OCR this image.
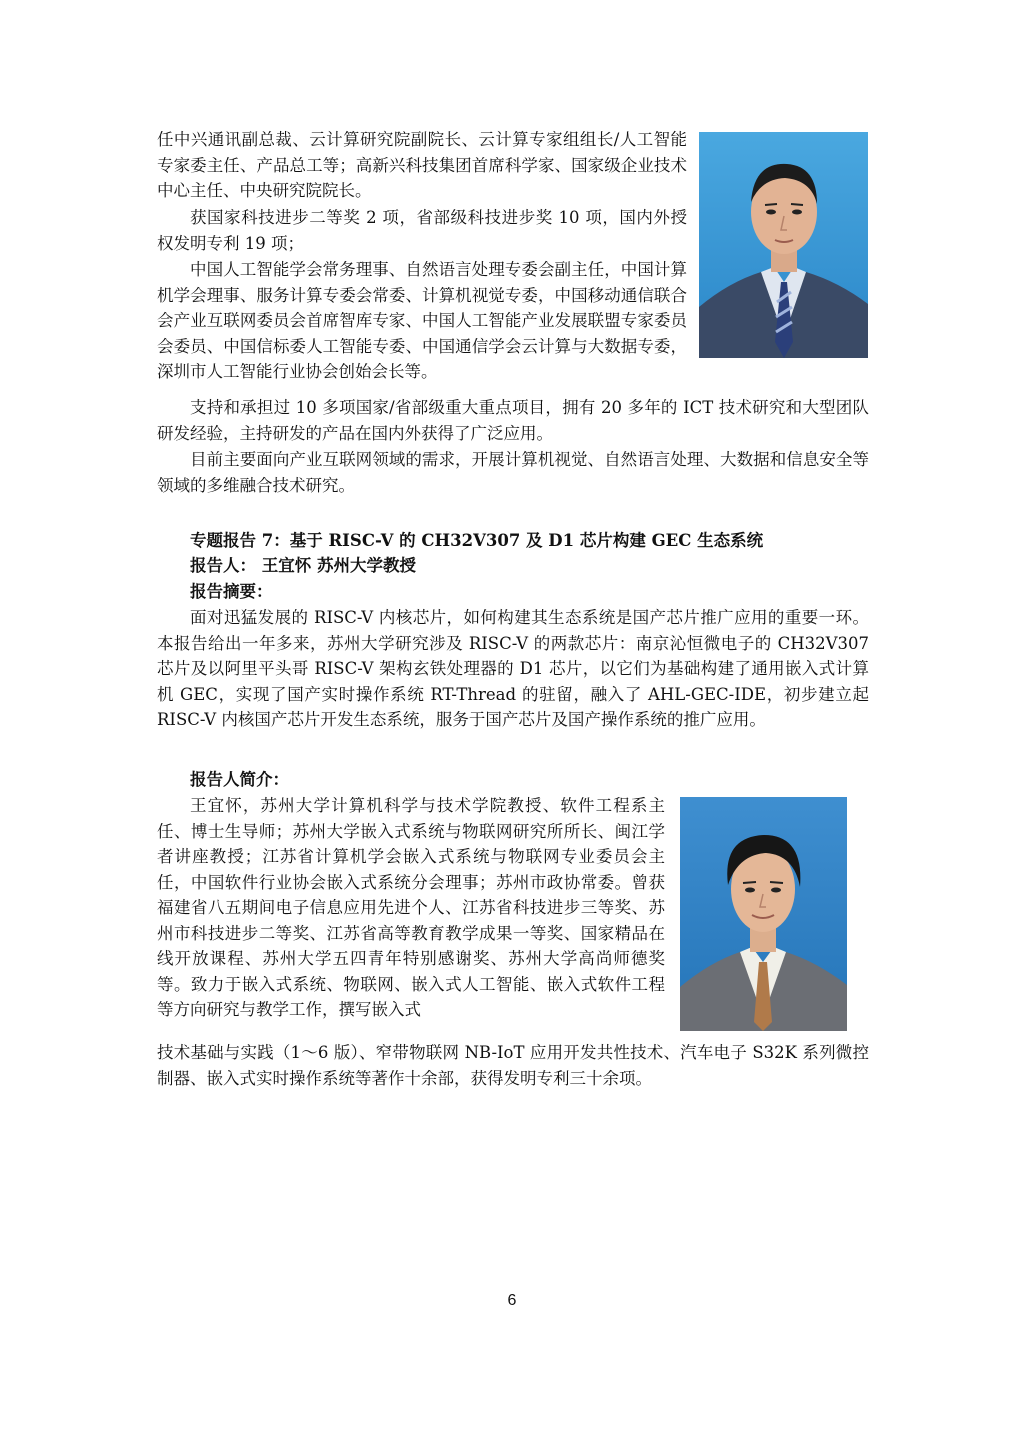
任中兴通讯副总裁、云计算研究院副院长、云计算专家组组长/人工智能专家委主任、产品总工等；高新兴科技集团首席科学家、国家级企业技术中心主任、中央研究院院长。

获国家科技进步二等奖 2 项，省部级科技进步奖 10 项，国内外授权发明专利 19 项；

中国人工智能学会常务理事、自然语言处理专委会副主任，中国计算机学会理事、服务计算专委会常委、计算机视觉专委，中国移动通信联合会产业互联网委员会首席智库专家、中国人工智能产业发展联盟专家委员会委员、中国信标委人工智能专委、中国通信学会云计算与大数据专委，深圳市人工智能行业协会创始会长等。

支持和承担过 10 多项国家/省部级重大重点项目，拥有 20 多年的 ICT 技术研究和大型团队研发经验，主持研发的产品在国内外获得了广泛应用。

目前主要面向产业互联网领域的需求，开展计算机视觉、自然语言处理、大数据和信息安全等领域的多维融合技术研究。

专题报告 7：基于 RISC-V 的 CH32V307 及 D1 芯片构建 GEC 生态系统

报告人： 王宜怀 苏州大学教授

报告摘要：

面对迅猛发展的 RISC-V 内核芯片，如何构建其生态系统是国产芯片推广应用的重要一环。本报告给出一年多来，苏州大学研究涉及 RISC-V 的两款芯片：南京沁恒微电子的 CH32V307 芯片及以阿里平头哥 RISC-V 架构玄铁处理器的 D1 芯片，以它们为基础构建了通用嵌入式计算机 GEC，实现了国产实时操作系统 RT-Thread 的驻留，融入了 AHL-GEC-IDE，初步建立起 RISC-V 内核国产芯片开发生态系统，服务于国产芯片及国产操作系统的推广应用。

报告人简介：

王宜怀，苏州大学计算机科学与技术学院教授、软件工程系主任、博士生导师；苏州大学嵌入式系统与物联网研究所所长、闽江学者讲座教授；江苏省计算机学会嵌入式系统与物联网专业委员会主任，中国软件行业协会嵌入式系统分会理事；苏州市政协常委。曾获福建省八五期间电子信息应用先进个人、江苏省科技进步三等奖、苏州市科技进步二等奖、江苏省高等教育教学成果一等奖、国家精品在线开放课程、苏州大学五四青年特别感谢奖、苏州大学高尚师德奖等。致力于嵌入式系统、物联网、嵌入式人工智能、嵌入式软件工程等方向研究与教学工作，撰写嵌入式

技术基础与实践（1～6 版）、窄带物联网 NB-IoT 应用开发共性技术、汽车电子 S32K 系列微控制器、嵌入式实时操作系统等著作十余部，获得发明专利三十余项。

6
